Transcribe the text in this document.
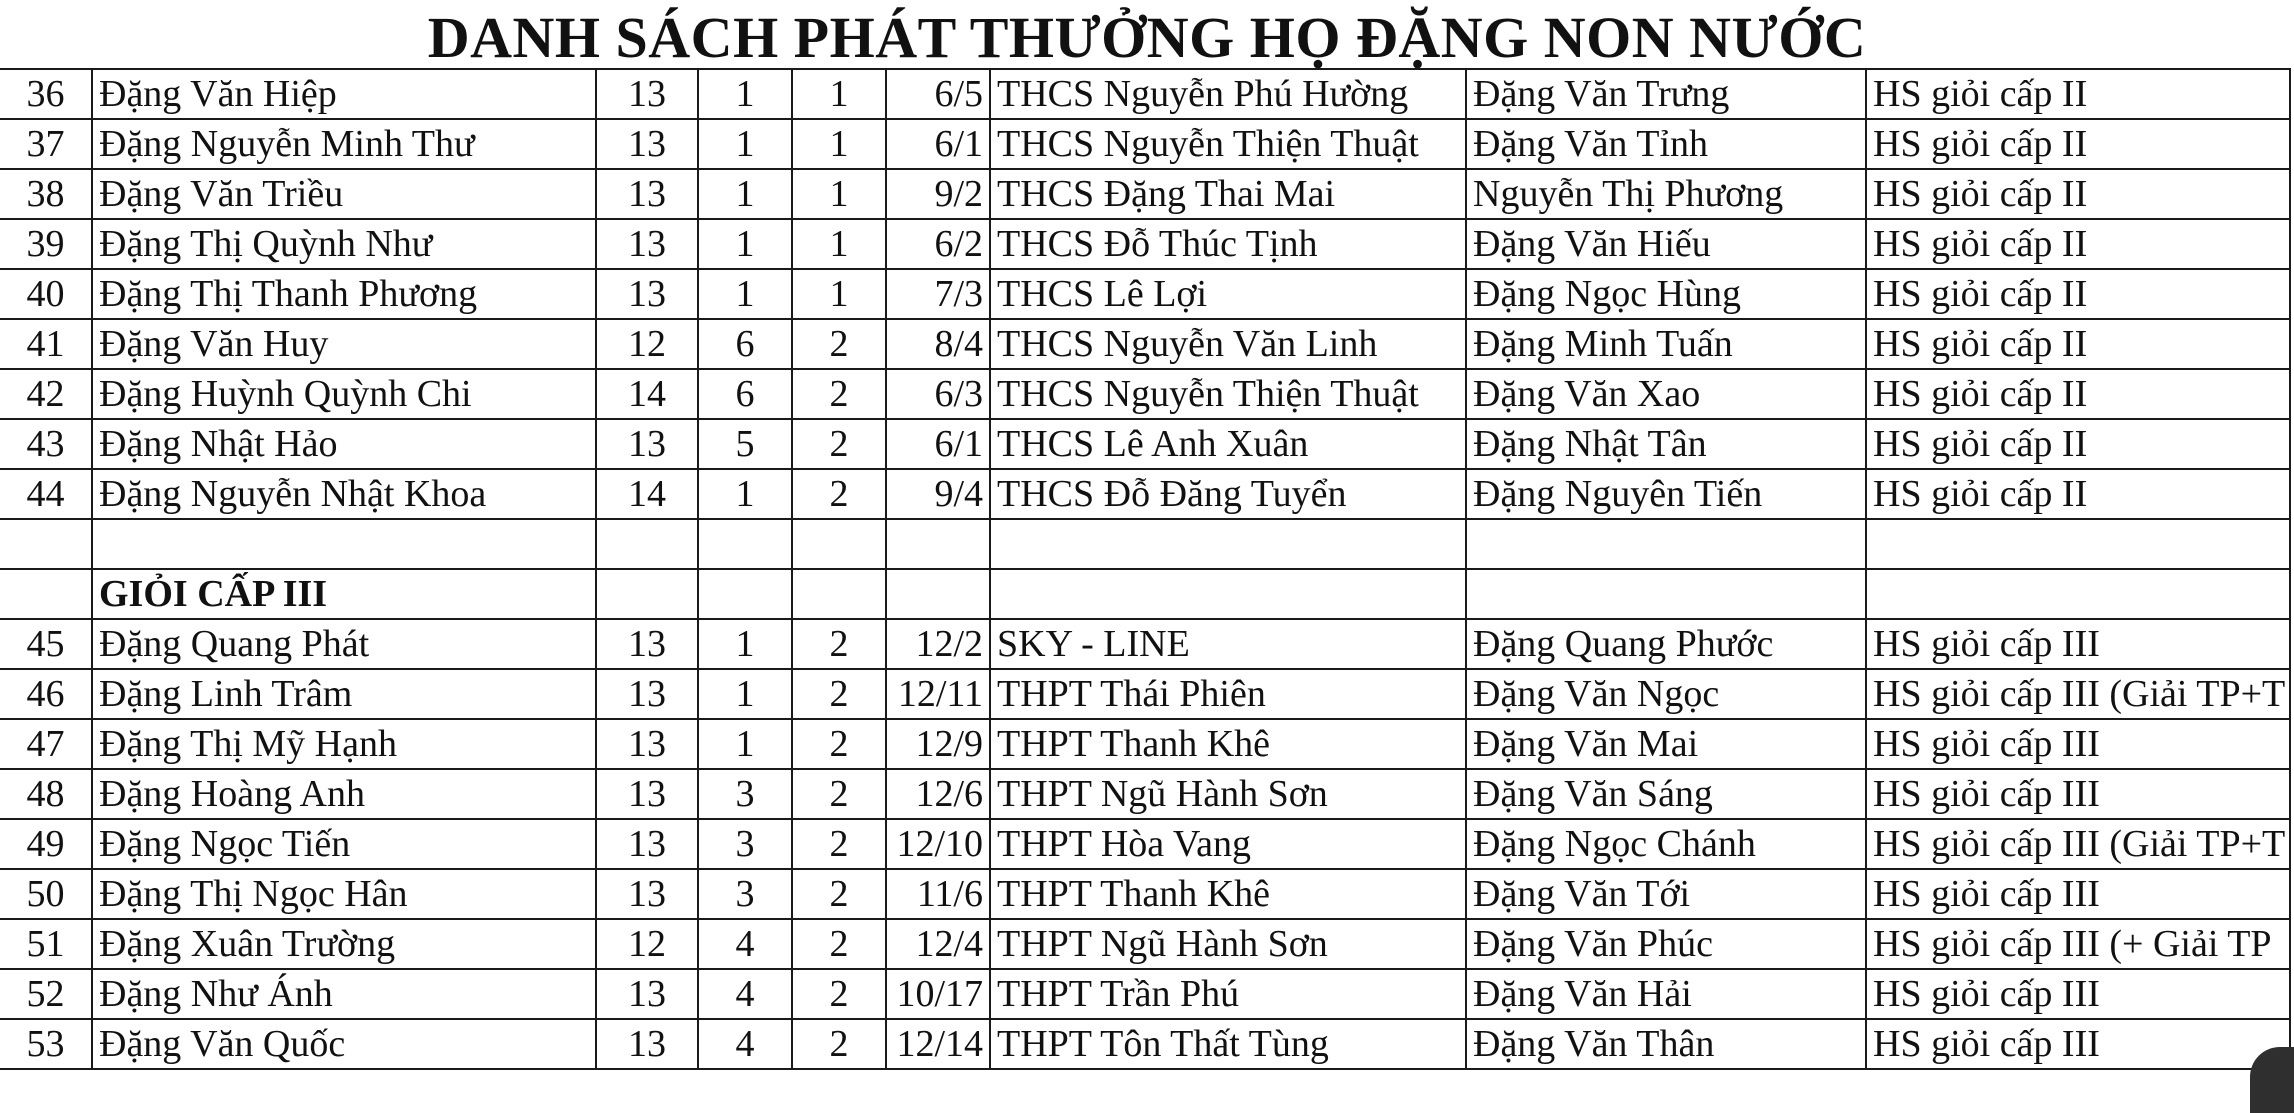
DANH SÁCH PHÁT THƯỞNG HỌ ĐẶNG NON NƯỚC
36	Đặng Văn Hiệp	13	1	1	6/5	THCS Nguyễn Phú Hường	Đặng Văn Trưng	HS giỏi cấp II
37	Đặng Nguyễn Minh Thư	13	1	1	6/1	THCS Nguyễn Thiện Thuật	Đặng Văn Tỉnh	HS giỏi cấp II
38	Đặng Văn Triều	13	1	1	9/2	THCS Đặng Thai Mai	Nguyễn Thị Phương	HS giỏi cấp II
39	Đặng Thị Quỳnh Như	13	1	1	6/2	THCS Đỗ Thúc Tịnh	Đặng Văn Hiếu	HS giỏi cấp II
40	Đặng Thị Thanh Phương	13	1	1	7/3	THCS Lê Lợi	Đặng Ngọc Hùng	HS giỏi cấp II
41	Đặng Văn Huy	12	6	2	8/4	THCS Nguyễn Văn Linh	Đặng Minh Tuấn	HS giỏi cấp II
42	Đặng Huỳnh Quỳnh Chi	14	6	2	6/3	THCS Nguyễn Thiện Thuật	Đặng Văn Xao	HS giỏi cấp II
43	Đặng Nhật Hảo	13	5	2	6/1	THCS Lê Anh Xuân	Đặng Nhật Tân	HS giỏi cấp II
44	Đặng Nguyễn Nhật Khoa	14	1	2	9/4	THCS Đỗ Đăng Tuyển	Đặng Nguyên Tiến	HS giỏi cấp II

	GIỎI CẤP III							
45	Đặng Quang Phát	13	1	2	12/2	SKY - LINE	Đặng Quang Phước	HS giỏi cấp III
46	Đặng Linh Trâm	13	1	2	12/11	THPT Thái Phiên	Đặng Văn Ngọc	HS giỏi cấp III (Giải TP+T
47	Đặng Thị Mỹ Hạnh	13	1	2	12/9	THPT Thanh Khê	Đặng Văn Mai	HS giỏi cấp III
48	Đặng Hoàng Anh	13	3	2	12/6	THPT Ngũ Hành Sơn	Đặng Văn Sáng	HS giỏi cấp III
49	Đặng Ngọc Tiến	13	3	2	12/10	THPT Hòa Vang	Đặng Ngọc Chánh	HS giỏi cấp III (Giải TP+T
50	Đặng Thị Ngọc Hân	13	3	2	11/6	THPT Thanh Khê	Đặng Văn Tới	HS giỏi cấp III
51	Đặng Xuân Trường	12	4	2	12/4	THPT Ngũ Hành Sơn	Đặng Văn Phúc	HS giỏi cấp III (+ Giải TP
52	Đặng Như Ánh	13	4	2	10/17	THPT Trần Phú	Đặng Văn Hải	HS giỏi cấp III
53	Đặng Văn Quốc	13	4	2	12/14	THPT Tôn Thất Tùng	Đặng Văn Thân	HS giỏi cấp III
